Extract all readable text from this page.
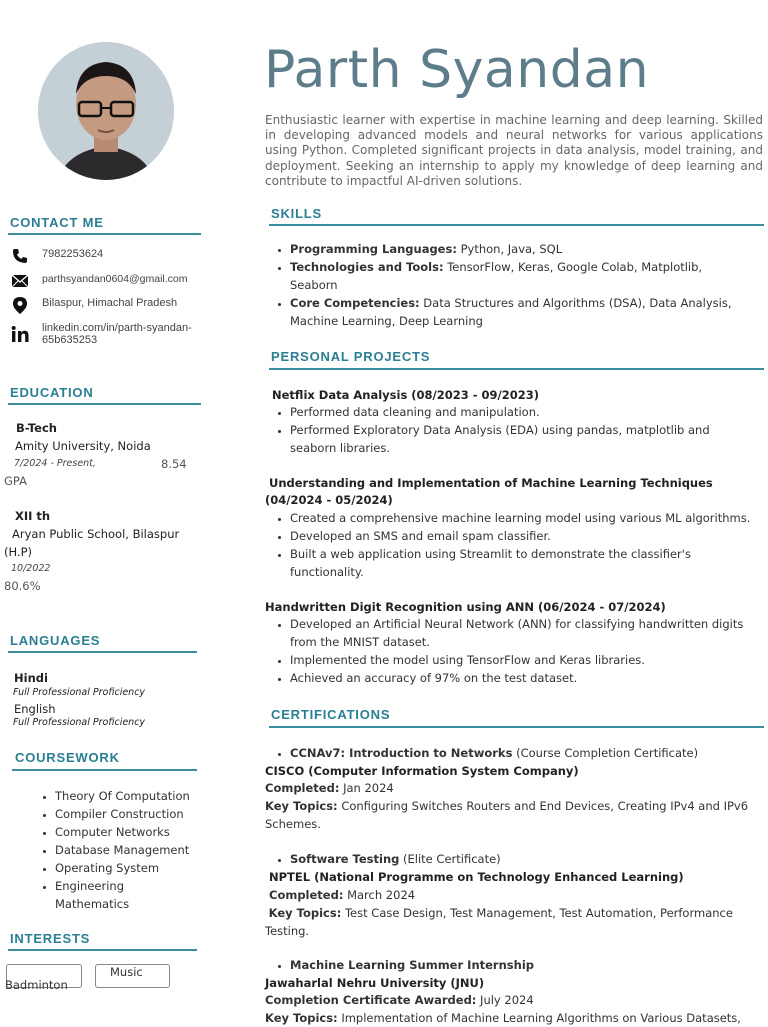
CONTACT ME
7982253624
parthsyandan0604@gmail.com
Bilaspur, Himachal Pradesh
linkedin.com/in/parth-syandan-
65b635253
EDUCATION
B-Tech
Amity University, Noida
7/2024 - Present,	8.54
GPA
XII th
Aryan Public School, Bilaspur
(H.P)
10/2022
80.6%
LANGUAGES
Hindi
Full Professional Proficiency
English
Full Professional Proficiency
COURSEWORK
• Theory Of Computation
• Compiler Construction
• Computer Networks
• Database Management
• Operating System
• Engineering
Mathematics
INTERESTS
Badminton
Music
Parth Syandan
Enthusiastic learner with expertise in machine learning and deep learning. Skilled in developing advanced models and neural networks for various applications using Python. Completed significant projects in data analysis, model training, and deployment. Seeking an internship to apply my knowledge of deep learning and contribute to impactful AI-driven solutions.
SKILLS
• Programming Languages: Python, Java, SQL
• Technologies and Tools: TensorFlow, Keras, Google Colab, Matplotlib,
Seaborn
• Core Competencies: Data Structures and Algorithms (DSA), Data Analysis,
Machine Learning, Deep Learning
PERSONAL PROJECTS
Netflix Data Analysis (08/2023 - 09/2023)
• Performed data cleaning and manipulation.
• Performed Exploratory Data Analysis (EDA) using pandas, matplotlib and
seaborn libraries.
Understanding and Implementation of Machine Learning Techniques
(04/2024 - 05/2024)
• Created a comprehensive machine learning model using various ML algorithms.
• Developed an SMS and email spam classifier.
• Built a web application using Streamlit to demonstrate the classifier's
functionality.
Handwritten Digit Recognition using ANN (06/2024 - 07/2024)
• Developed an Artificial Neural Network (ANN) for classifying handwritten digits
from the MNIST dataset.
• Implemented the model using TensorFlow and Keras libraries.
• Achieved an accuracy of 97% on the test dataset.
CERTIFICATIONS
• CCNAv7: Introduction to Networks (Course Completion Certificate)
CISCO (Computer Information System Company)
Completed: Jan 2024
Key Topics: Configuring Switches Routers and End Devices, Creating IPv4 and IPv6
Schemes.
• Software Testing (Elite Certificate)
NPTEL (National Programme on Technology Enhanced Learning)
Completed: March 2024
Key Topics: Test Case Design, Test Management, Test Automation, Performance
Testing.
• Machine Learning Summer Internship
Jawaharlal Nehru University (JNU)
Completion Certificate Awarded: July 2024
Key Topics: Implementation of Machine Learning Algorithms on Various Datasets,
